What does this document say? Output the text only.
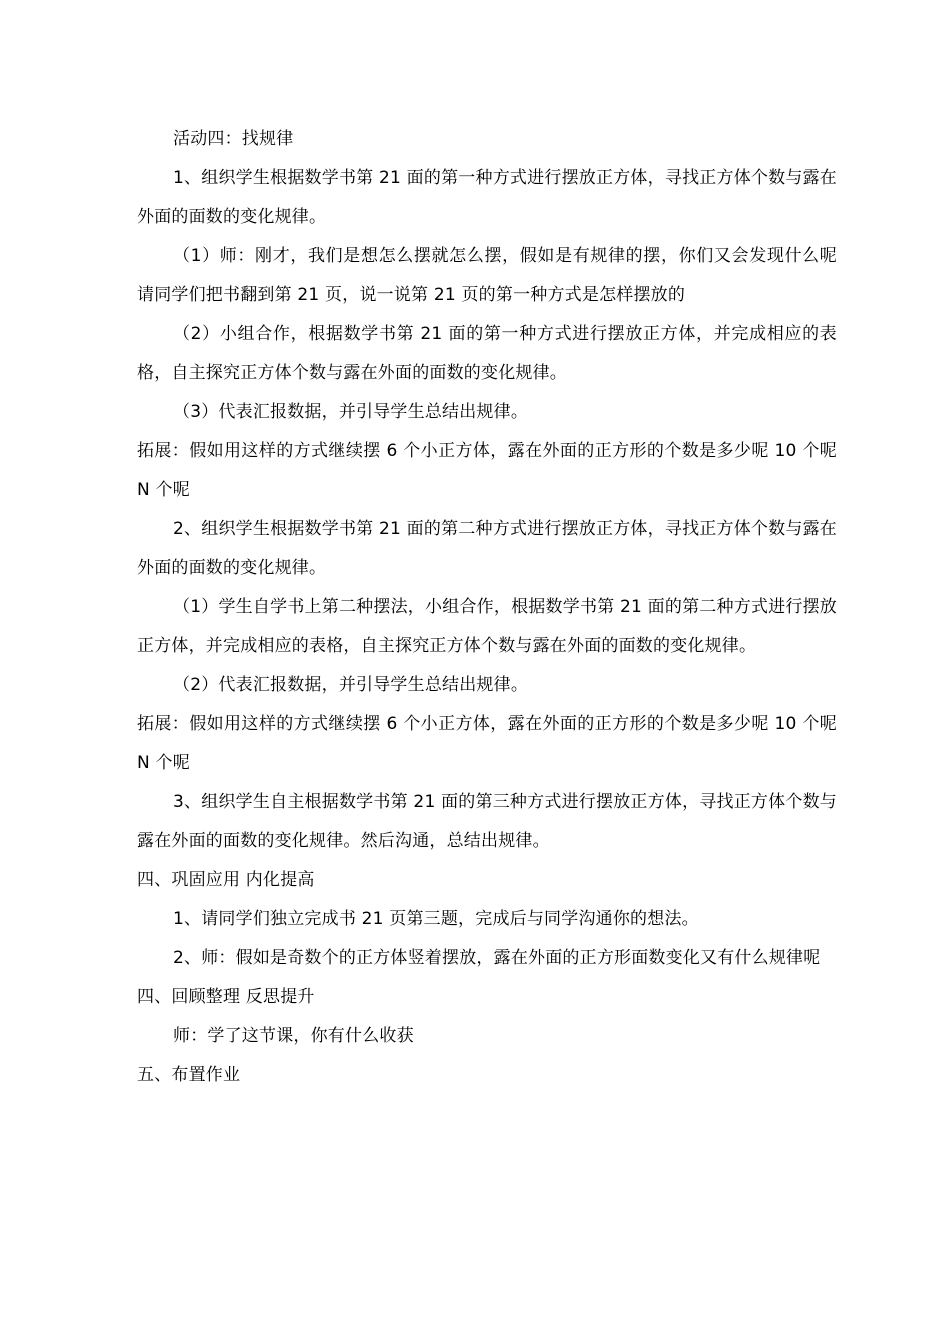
活动四：找规律

1、组织学生根据数学书第 21 面的第一种方式进行摆放正方体，寻找正方体个数与露在外面的面数的变化规律。

（1）师：刚才，我们是想怎么摆就怎么摆，假如是有规律的摆，你们又会发现什么呢请同学们把书翻到第 21 页，说一说第 21 页的第一种方式是怎样摆放的

（2）小组合作，根据数学书第 21 面的第一种方式进行摆放正方体，并完成相应的表格，自主探究正方体个数与露在外面的面数的变化规律。

（3）代表汇报数据，并引导学生总结出规律。

拓展：假如用这样的方式继续摆 6 个小正方体，露在外面的正方形的个数是多少呢 10 个呢 N 个呢

2、组织学生根据数学书第 21 面的第二种方式进行摆放正方体，寻找正方体个数与露在外面的面数的变化规律。

（1）学生自学书上第二种摆法，小组合作，根据数学书第 21 面的第二种方式进行摆放正方体，并完成相应的表格，自主探究正方体个数与露在外面的面数的变化规律。

（2）代表汇报数据，并引导学生总结出规律。

拓展：假如用这样的方式继续摆 6 个小正方体，露在外面的正方形的个数是多少呢 10 个呢 N 个呢

3、组织学生自主根据数学书第 21 面的第三种方式进行摆放正方体，寻找正方体个数与露在外面的面数的变化规律。然后沟通，总结出规律。

四、巩固应用 内化提高

1、请同学们独立完成书 21 页第三题，完成后与同学沟通你的想法。

2、师：假如是奇数个的正方体竖着摆放，露在外面的正方形面数变化又有什么规律呢

四、回顾整理 反思提升

师：学了这节课，你有什么收获

五、布置作业
